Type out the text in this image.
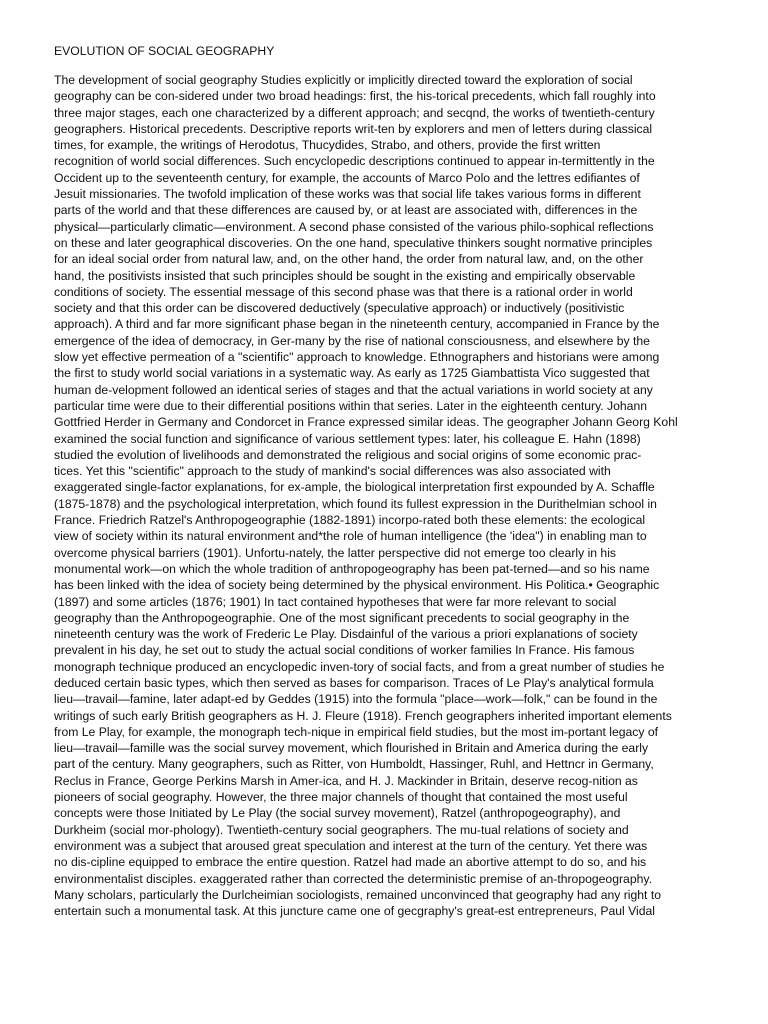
EVOLUTION OF SOCIAL GEOGRAPHY
The development of social geography Studies explicitly or implicitly directed toward the exploration of social
geography can be con-sidered under two broad headings: first, the his-torical precedents, which fall roughly into
three major stages, each one characterized by a different approach; and secqnd, the works of twentieth-century
geographers. Historical precedents. Descriptive reports writ-ten by explorers and men of letters during classical
times, for example, the writings of Herodotus, Thucydides, Strabo, and others, provide the first written
recognition of world social differences. Such encyclopedic descriptions continued to appear in-termittently in the
Occident up to the seventeenth century, for example, the accounts of Marco Polo and the lettres edifiantes of
Jesuit missionaries. The twofold implication of these works was that social life takes various forms in different
parts of the world and that these differences are caused by, or at least are associated with, differences in the
physical—particularly climatic—environment. A second phase consisted of the various philo-sophical reflections
on these and later geographical discoveries. On the one hand, speculative thinkers sought normative principles
for an ideal social order from natural law, and, on the other hand, the order from natural law, and, on the other
hand, the positivists insisted that such principles should be sought in the existing and empirically observable
conditions of society. The essential message of this second phase was that there is a rational order in world
society and that this order can be discovered deductively (speculative approach) or inductively (positivistic
approach). A third and far more significant phase began in the nineteenth century, accompanied in France by the
emergence of the idea of democracy, in Ger-many by the rise of national consciousness, and elsewhere by the
slow yet effective permeation of a "scientific" approach to knowledge. Ethnographers and historians were among
the first to study world social variations in a systematic way. As early as 1725 Giambattista Vico suggested that
human de-velopment followed an identical series of stages and that the actual variations in world society at any
particular time were due to their differential positions within that series. Later in the eighteenth century. Johann
Gottfried Herder in Germany and Condorcet in France expressed similar ideas. The geographer Johann Georg Kohl
examined the social function and significance of various settlement types: later, his colleague E. Hahn (1898)
studied the evolution of livelihoods and demonstrated the religious and social origins of some economic prac-
tices. Yet this "scientific" approach to the study of mankind's social differences was also associated with
exaggerated single-factor explanations, for ex-ample, the biological interpretation first expounded by A. Schaffle
(1875-1878) and the psychological interpretation, which found its fullest expression in the Durithelmian school in
France. Friedrich Ratzel's Anthropogeographie (1882-1891) incorpo-rated both these elements: the ecological
view of society within its natural environment and*the role of human intelligence (the 'idea") in enabling man to
overcome physical barriers (1901). Unfortu-nately, the latter perspective did not emerge too clearly in his
monumental work—on which the whole tradition of anthropogeography has been pat-terned—and so his name
has been linked with the idea of society being determined by the physical environment. His Politica.• Geographic
(1897) and some articles (1876; 1901) In tact contained hypotheses that were far more relevant to social
geography than the Anthropogeographie. One of the most significant precedents to social geography in the
nineteenth century was the work of Frederic Le Play. Disdainful of the various a priori explanations of society
prevalent in his day, he set out to study the actual social conditions of worker families In France. His famous
monograph technique produced an encyclopedic inven-tory of social facts, and from a great number of studies he
deduced certain basic types, which then served as bases for comparison. Traces of Le Play's analytical formula
lieu—travail—famine, later adapt-ed by Geddes (1915) into the formula "place—work—folk," can be found in the
writings of such early British geographers as H. J. Fleure (1918). French geographers inherited important elements
from Le Play, for example, the monograph tech-nique in empirical field studies, but the most im-portant legacy of
lieu—travail—famille was the social survey movement, which flourished in Britain and America during the early
part of the century. Many geographers, such as Ritter, von Humboldt, Hassinger, Ruhl, and Hettncr in Germany,
Reclus in France, George Perkins Marsh in Amer-ica, and H. J. Mackinder in Britain, deserve recog-nition as
pioneers of social geography. However, the three major channels of thought that contained the most useful
concepts were those Initiated by Le Play (the social survey movement), Ratzel (anthropogeography), and
Durkheim (social mor-phology). Twentieth-century social geographers. The mu-tual relations of society and
environment was a subject that aroused great speculation and interest at the turn of the century. Yet there was
no dis-cipline equipped to embrace the entire question. Ratzel had made an abortive attempt to do so, and his
environmentalist disciples. exaggerated rather than corrected the deterministic premise of an-thropogeography.
Many scholars, particularly the Durlcheimian sociologists, remained unconvinced that geography had any right to
entertain such a monumental task. At this juncture came one of gecgraphy's great-est entrepreneurs, Paul Vidal
